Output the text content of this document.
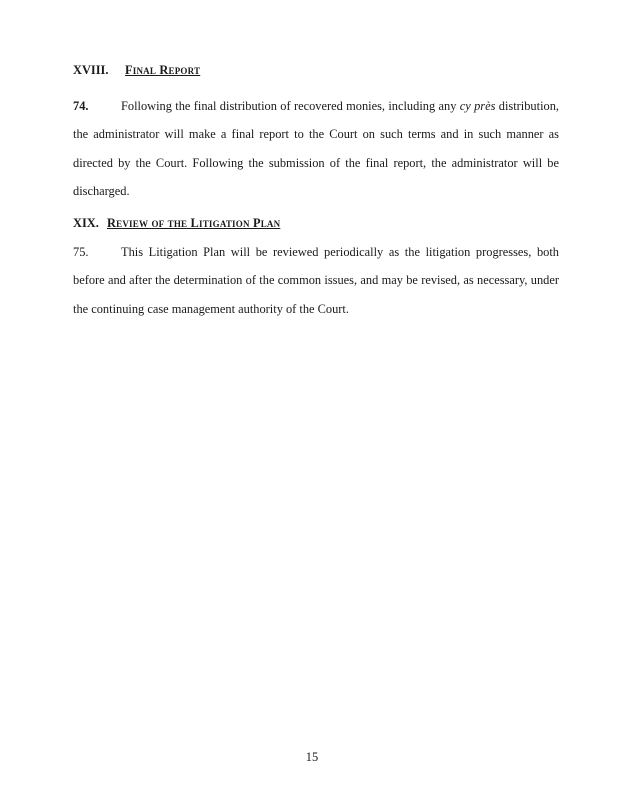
XVIII. Final Report

74.	Following the final distribution of recovered monies, including any cy près distribution, the administrator will make a final report to the Court on such terms and in such manner as directed by the Court. Following the submission of the final report, the administrator will be discharged.

XIX. Review of the Litigation Plan

75.	This Litigation Plan will be reviewed periodically as the litigation progresses, both before and after the determination of the common issues, and may be revised, as necessary, under the continuing case management authority of the Court.

15
